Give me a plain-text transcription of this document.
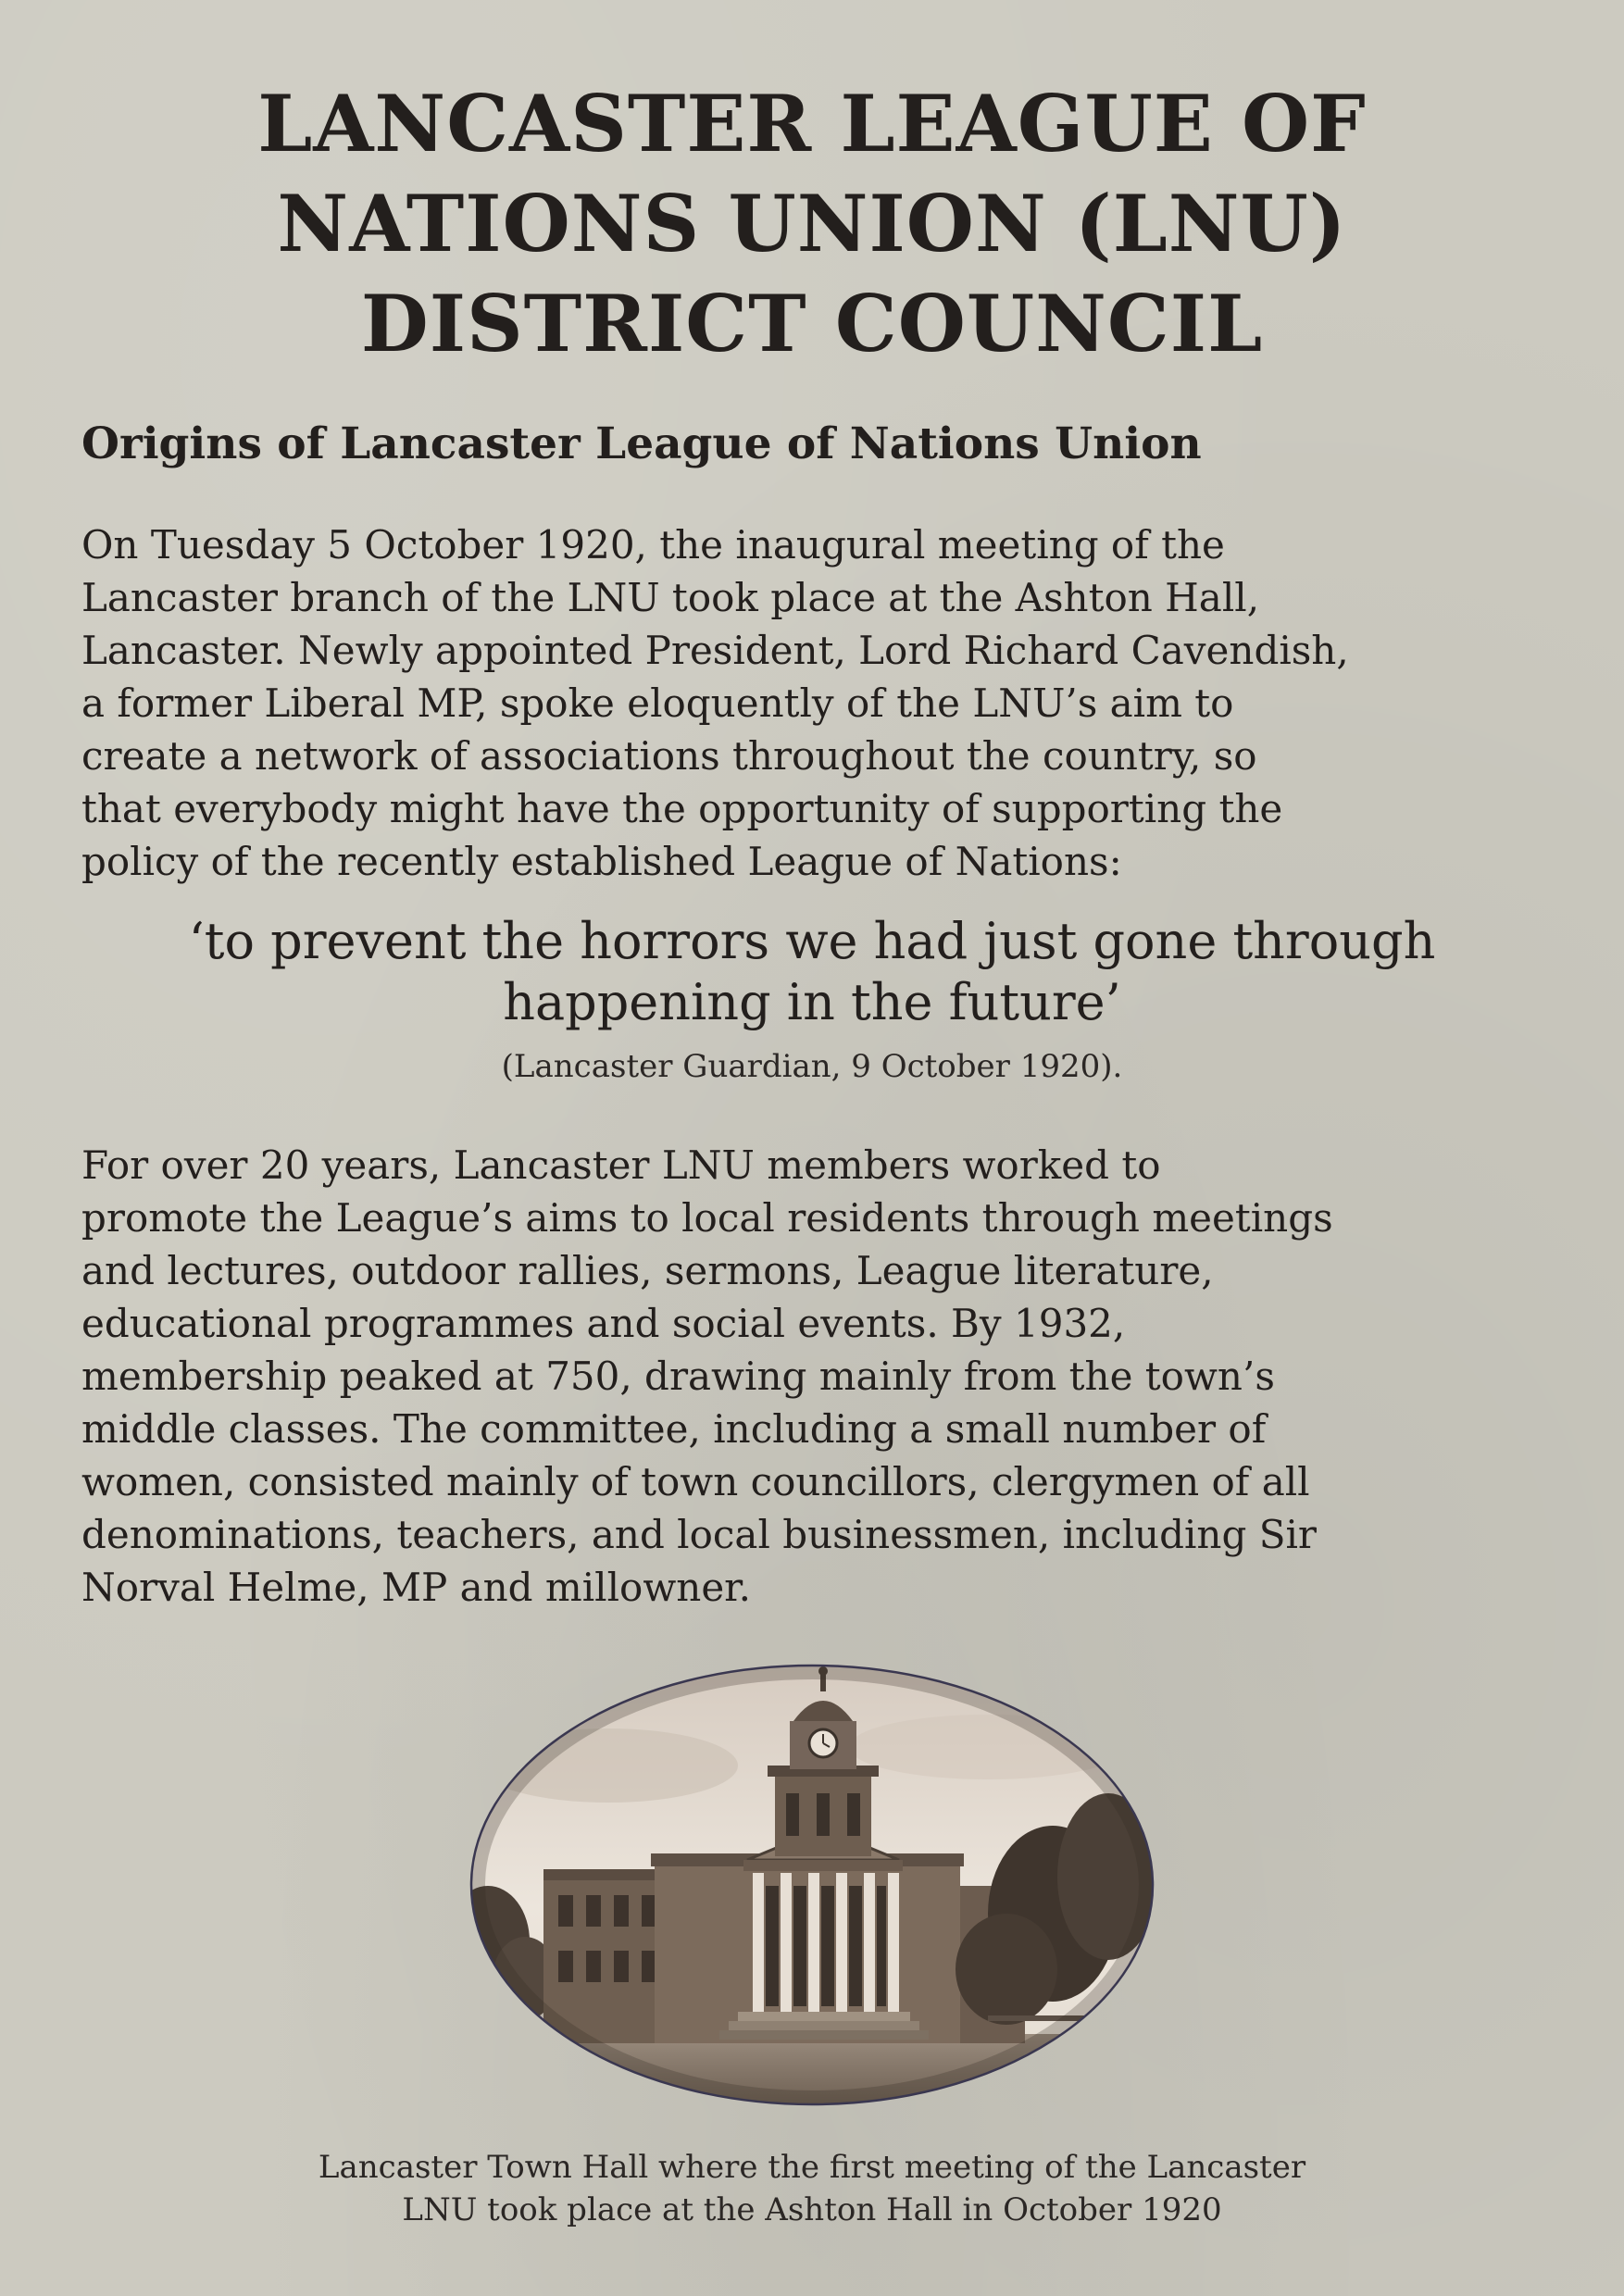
LANCASTER LEAGUE OF
NATIONS UNION (LNU)
DISTRICT COUNCIL
Origins of Lancaster League of Nations Union
On Tuesday 5 October 1920, the inaugural meeting of the
Lancaster branch of the LNU took place at the Ashton Hall,
Lancaster. Newly appointed President, Lord Richard Cavendish,
a former Liberal MP, spoke eloquently of the LNU’s aim to
create a network of associations throughout the country, so
that everybody might have the opportunity of supporting the
policy of the recently established League of Nations:
‘to prevent the horrors we had just gone through
happening in the future’
(Lancaster Guardian, 9 October 1920).
For over 20 years, Lancaster LNU members worked to
promote the League’s aims to local residents through meetings
and lectures, outdoor rallies, sermons, League literature,
educational programmes and social events. By 1932,
membership peaked at 750, drawing mainly from the town’s
middle classes. The committee, including a small number of
women, consisted mainly of town councillors, clergymen of all
denominations, teachers, and local businessmen, including Sir
Norval Helme, MP and millowner.
Lancaster Town Hall where the first meeting of the Lancaster
LNU took place at the Ashton Hall in October 1920
